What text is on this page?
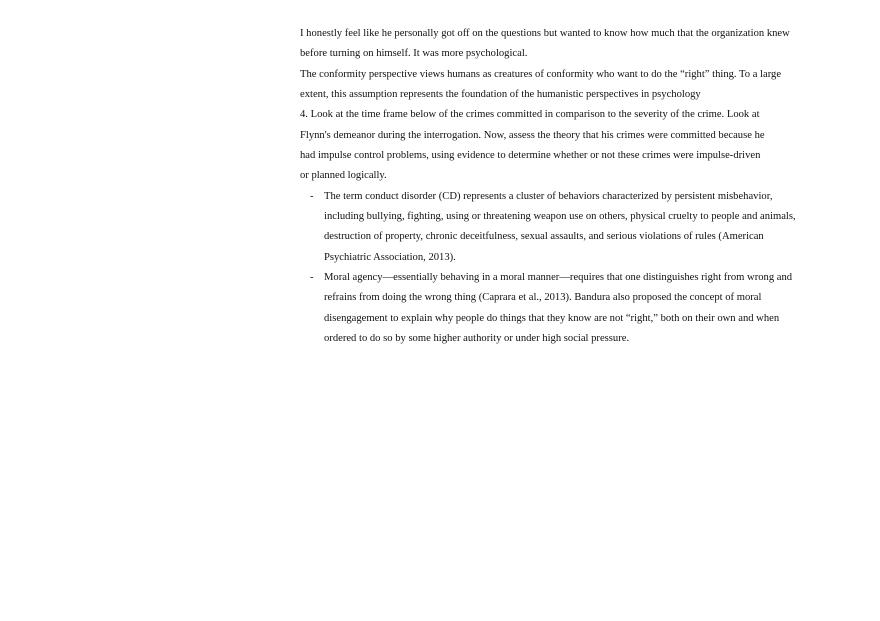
I honestly feel like he personally got off on the questions but wanted to know how much that the organization knew
before turning on himself. It was more psychological.

The conformity perspective views humans as creatures of conformity who want to do the “right” thing. To a large
extent, this assumption represents the foundation of the humanistic perspectives in psychology

4. Look at the time frame below of the crimes committed in comparison to the severity of the crime. Look at
Flynn's demeanor during the interrogation. Now, assess the theory that his crimes were committed because he
had impulse control problems, using evidence to determine whether or not these crimes were impulse-driven
or planned logically.

- The term conduct disorder (CD) represents a cluster of behaviors characterized by persistent misbehavior,
including bullying, fighting, using or threatening weapon use on others, physical cruelty to people and animals,
destruction of property, chronic deceitfulness, sexual assaults, and serious violations of rules (American
Psychiatric Association, 2013).
- Moral agency—essentially behaving in a moral manner—requires that one distinguishes right from wrong and
refrains from doing the wrong thing (Caprara et al., 2013). Bandura also proposed the concept of moral
disengagement to explain why people do things that they know are not “right,” both on their own and when
ordered to do so by some higher authority or under high social pressure.
